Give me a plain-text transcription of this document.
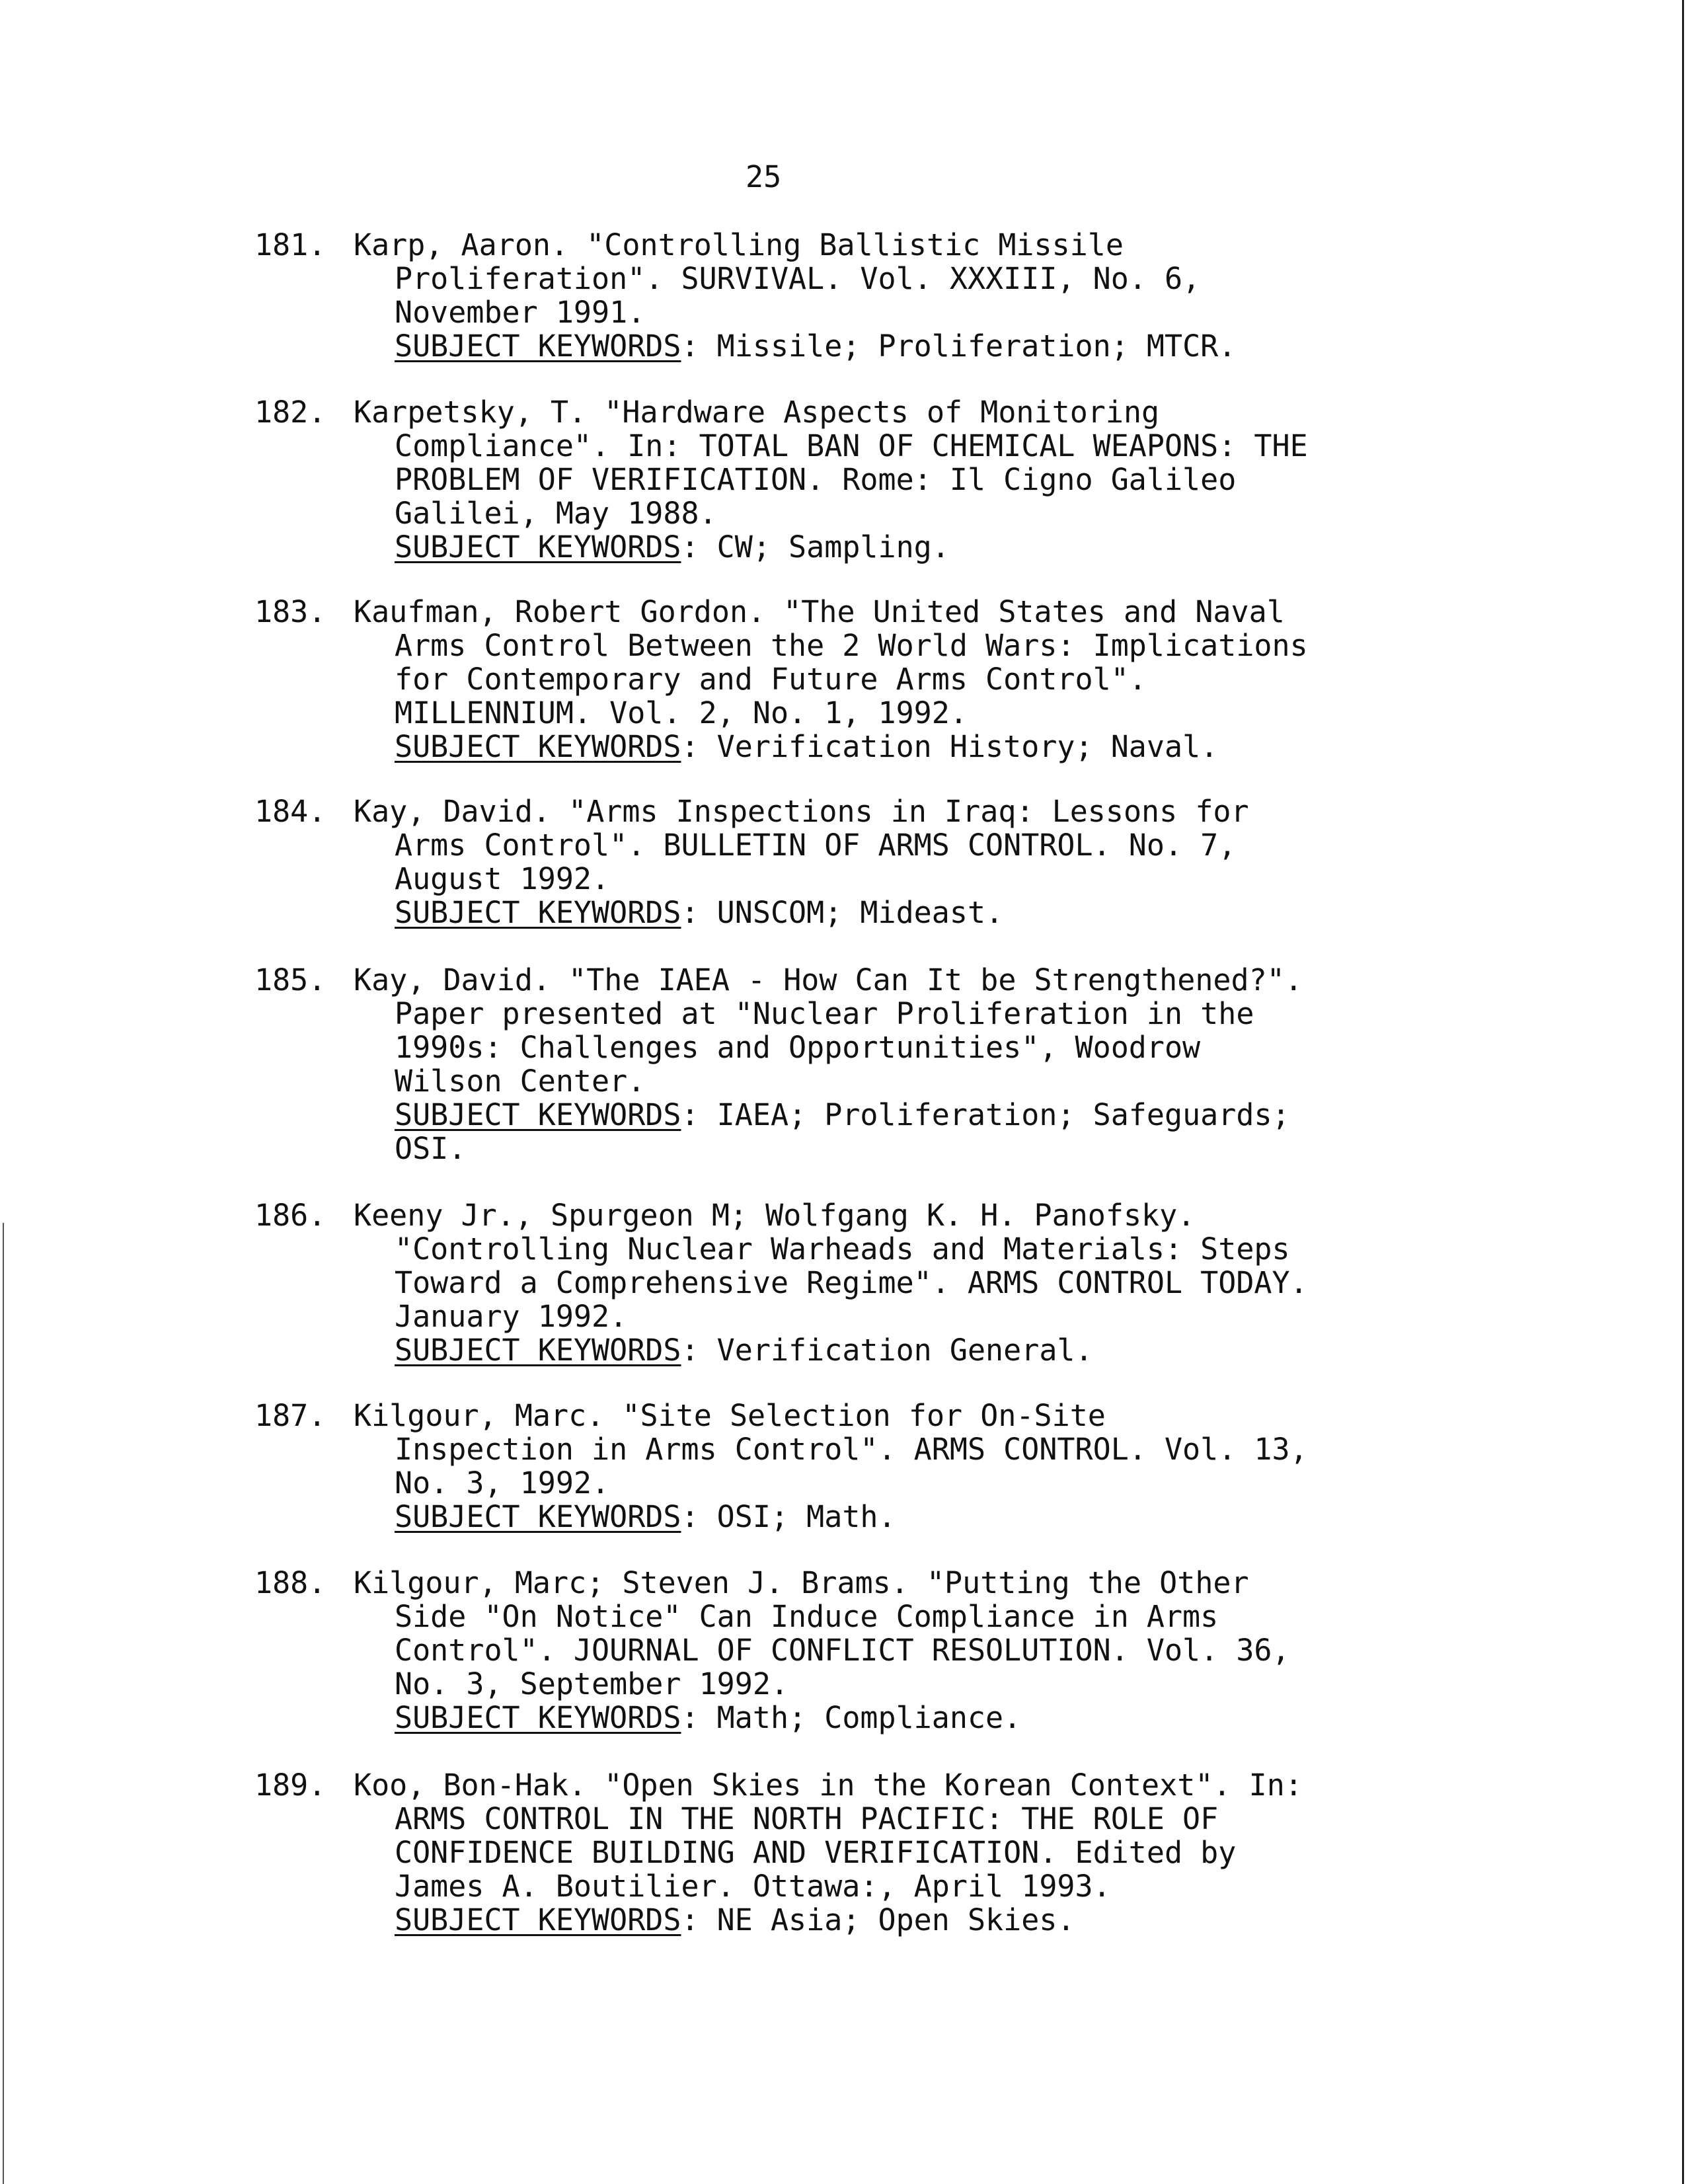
25
181. Karp, Aaron. "Controlling Ballistic Missile
Proliferation". SURVIVAL. Vol. XXXIII, No. 6,
November 1991.
SUBJECT KEYWORDS: Missile; Proliferation; MTCR.
182. Karpetsky, T. "Hardware Aspects of Monitoring
Compliance". In: TOTAL BAN OF CHEMICAL WEAPONS: THE
PROBLEM OF VERIFICATION. Rome: Il Cigno Galileo
Galilei, May 1988.
SUBJECT KEYWORDS: CW; Sampling.
183. Kaufman, Robert Gordon. "The United States and Naval
Arms Control Between the 2 World Wars: Implications
for Contemporary and Future Arms Control".
MILLENNIUM. Vol. 2, No. 1, 1992.
SUBJECT KEYWORDS: Verification History; Naval.
184. Kay, David. "Arms Inspections in Iraq: Lessons for
Arms Control". BULLETIN OF ARMS CONTROL. No. 7,
August 1992.
SUBJECT KEYWORDS: UNSCOM; Mideast.
185. Kay, David. "The IAEA - How Can It be Strengthened?".
Paper presented at "Nuclear Proliferation in the
1990s: Challenges and Opportunities", Woodrow
Wilson Center.
SUBJECT KEYWORDS: IAEA; Proliferation; Safeguards;
OSI.
186. Keeny Jr., Spurgeon M; Wolfgang K. H. Panofsky.
"Controlling Nuclear Warheads and Materials: Steps
Toward a Comprehensive Regime". ARMS CONTROL TODAY.
January 1992.
SUBJECT KEYWORDS: Verification General.
187. Kilgour, Marc. "Site Selection for On-Site
Inspection in Arms Control". ARMS CONTROL. Vol. 13,
No. 3, 1992.
SUBJECT KEYWORDS: OSI; Math.
188. Kilgour, Marc; Steven J. Brams. "Putting the Other
Side "On Notice" Can Induce Compliance in Arms
Control". JOURNAL OF CONFLICT RESOLUTION. Vol. 36,
No. 3, September 1992.
SUBJECT KEYWORDS: Math; Compliance.
189. Koo, Bon-Hak. "Open Skies in the Korean Context". In:
ARMS CONTROL IN THE NORTH PACIFIC: THE ROLE OF
CONFIDENCE BUILDING AND VERIFICATION. Edited by
James A. Boutilier. Ottawa:, April 1993.
SUBJECT KEYWORDS: NE Asia; Open Skies.
